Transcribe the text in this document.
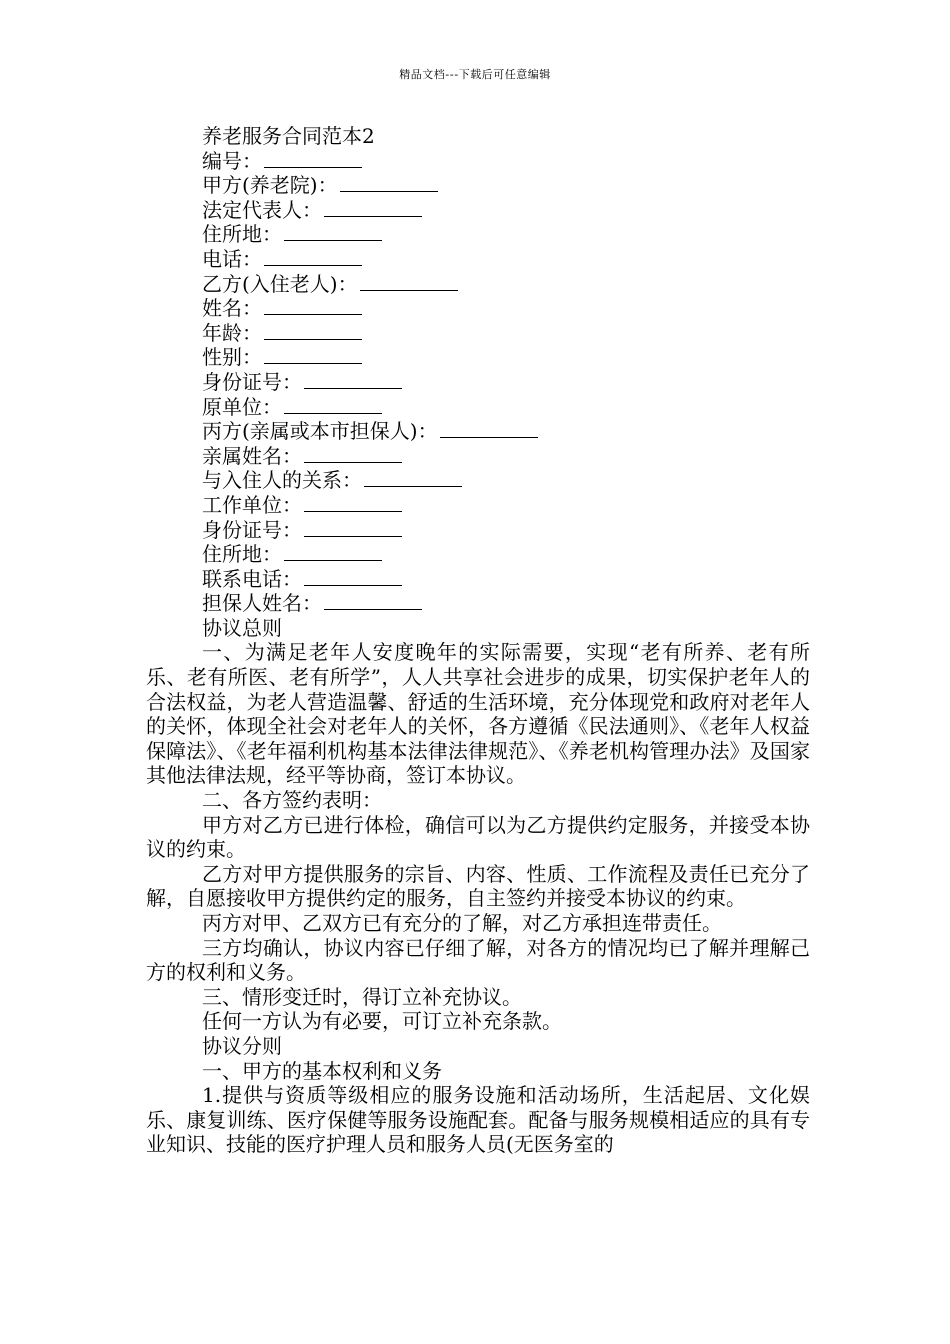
精品文档---下载后可任意编辑
养老服务合同范本2
编号：
甲方(养老院)：
法定代表人：
住所地：
电话：
乙方(入住老人)：
姓名：
年龄：
性别：
身份证号：
原单位：
丙方(亲属或本市担保人)：
亲属姓名：
与入住人的关系：
工作单位：
身份证号：
住所地：
联系电话：
担保人姓名：
协议总则
一、为满足老年人安度晚年的实际需要，实现“老有所养、老有所乐、老有所医、老有所学”，人人共享社会进步的成果，切实保护老年人的合法权益，为老人营造温馨、舒适的生活环境，充分体现党和政府对老年人的关怀，体现全社会对老年人的关怀，各方遵循《民法通则》、《老年人权益保障法》、《老年福利机构基本法律法律规范》、《养老机构管理办法》及国家其他法律法规，经平等协商，签订本协议。
二、各方签约表明：
甲方对乙方已进行体检，确信可以为乙方提供约定服务，并接受本协议的约束。
乙方对甲方提供服务的宗旨、内容、性质、工作流程及责任已充分了解，自愿接收甲方提供约定的服务，自主签约并接受本协议的约束。
丙方对甲、乙双方已有充分的了解，对乙方承担连带责任。
三方均确认，协议内容已仔细了解，对各方的情况均已了解并理解己方的权利和义务。
三、情形变迁时，得订立补充协议。
任何一方认为有必要，可订立补充条款。
协议分则
一、甲方的基本权利和义务
1.提供与资质等级相应的服务设施和活动场所，生活起居、文化娱乐、康复训练、医疗保健等服务设施配套。配备与服务规模相适应的具有专业知识、技能的医疗护理人员和服务人员(无医务室的
